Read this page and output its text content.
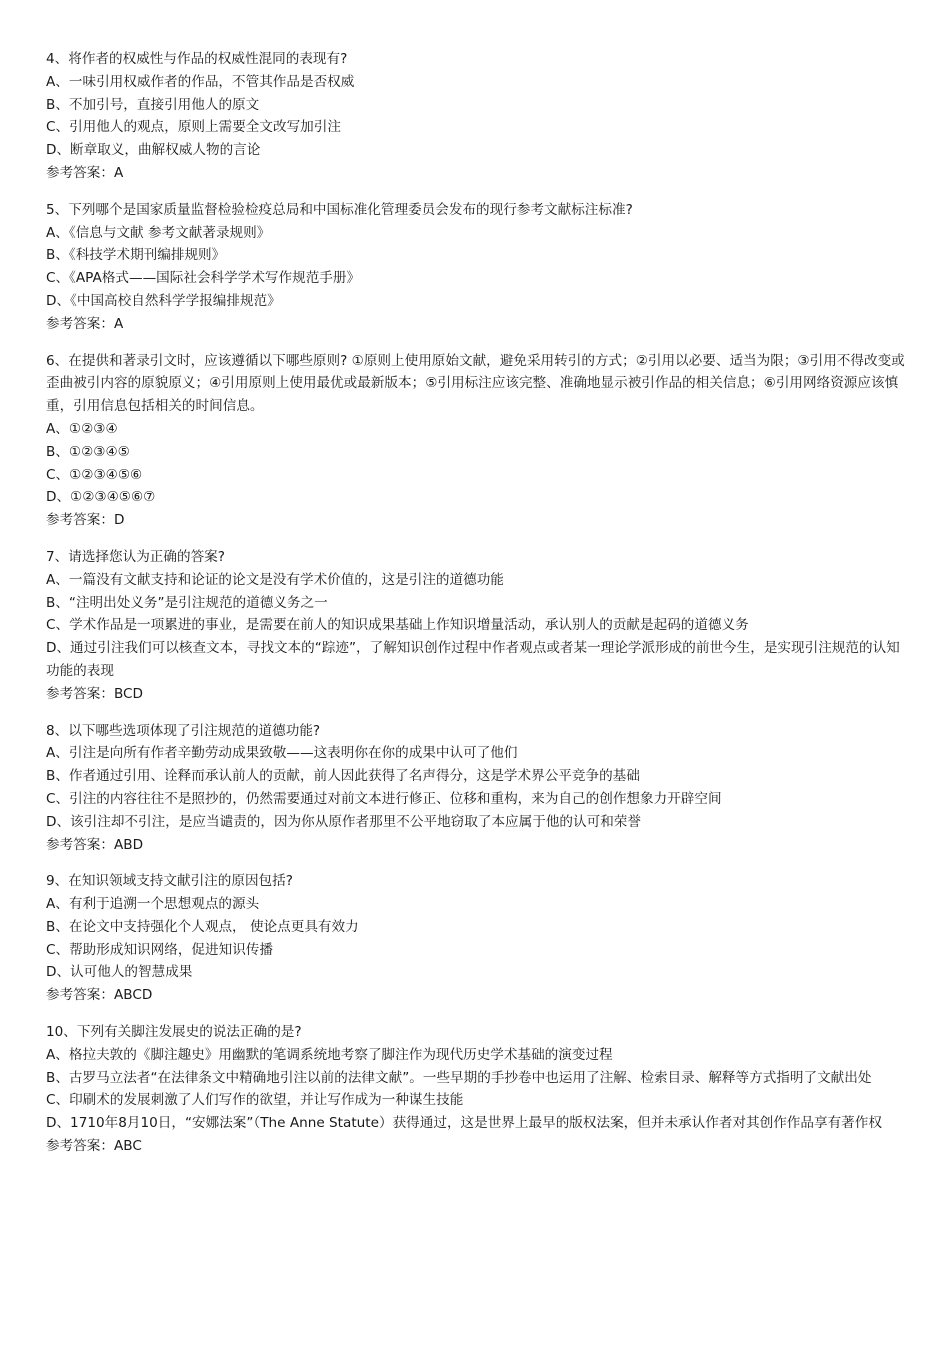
4、将作者的权威性与作品的权威性混同的表现有?

A、一味引用权威作者的作品，不管其作品是否权威

B、不加引号，直接引用他人的原文

C、引用他人的观点，原则上需要全文改写加引注

D、断章取义，曲解权威人物的言论

参考答案：A

5、下列哪个是国家质量监督检验检疫总局和中国标准化管理委员会发布的现行参考文献标注标准?

A、《信息与文献 参考文献著录规则》

B、《科技学术期刊编排规则》

C、《APA格式——国际社会科学学术写作规范手册》

D、《中国高校自然科学学报编排规范》

参考答案：A

6、在提供和著录引文时，应该遵循以下哪些原则? ①原则上使用原始文献，避免采用转引的方式；②引用以必要、适当为限；③引用不得改变或歪曲被引内容的原貌原义；④引用原则上使用最优或最新版本；⑤引用标注应该完整、准确地显示被引作品的相关信息；⑥引用网络资源应该慎重，引用信息包括相关的时间信息。

A、①②③④

B、①②③④⑤

C、①②③④⑤⑥

D、①②③④⑤⑥⑦

参考答案：D

7、请选择您认为正确的答案?

A、一篇没有文献支持和论证的论文是没有学术价值的，这是引注的道德功能

B、“注明出处义务”是引注规范的道德义务之一

C、学术作品是一项累进的事业，是需要在前人的知识成果基础上作知识增量活动，承认别人的贡献是起码的道德义务

D、通过引注我们可以核查文本，寻找文本的“踪迹”，了解知识创作过程中作者观点或者某一理论学派形成的前世今生，是实现引注规范的认知功能的表现

参考答案：BCD

8、以下哪些选项体现了引注规范的道德功能?

A、引注是向所有作者辛勤劳动成果致敬——这表明你在你的成果中认可了他们

B、作者通过引用、诠释而承认前人的贡献，前人因此获得了名声得分，这是学术界公平竞争的基础

C、引注的内容往往不是照抄的，仍然需要通过对前文本进行修正、位移和重构，来为自己的创作想象力开辟空间

D、该引注却不引注，是应当谴责的，因为你从原作者那里不公平地窃取了本应属于他的认可和荣誉

参考答案：ABD

9、在知识领域支持文献引注的原因包括?

A、有利于追溯一个思想观点的源头

B、在论文中支持强化个人观点， 使论点更具有效力

C、帮助形成知识网络，促进知识传播

D、认可他人的智慧成果

参考答案：ABCD

10、下列有关脚注发展史的说法正确的是?

A、格拉夫敦的《脚注趣史》用幽默的笔调系统地考察了脚注作为现代历史学术基础的演变过程

B、古罗马立法者“在法律条文中精确地引注以前的法律文献”。一些早期的手抄卷中也运用了注解、检索目录、解释等方式指明了文献出处

C、印刷术的发展刺激了人们写作的欲望，并让写作成为一种谋生技能

D、1710年8月10日，“安娜法案”（The Anne Statute）获得通过，这是世界上最早的版权法案，但并未承认作者对其创作作品享有著作权

参考答案：ABC
